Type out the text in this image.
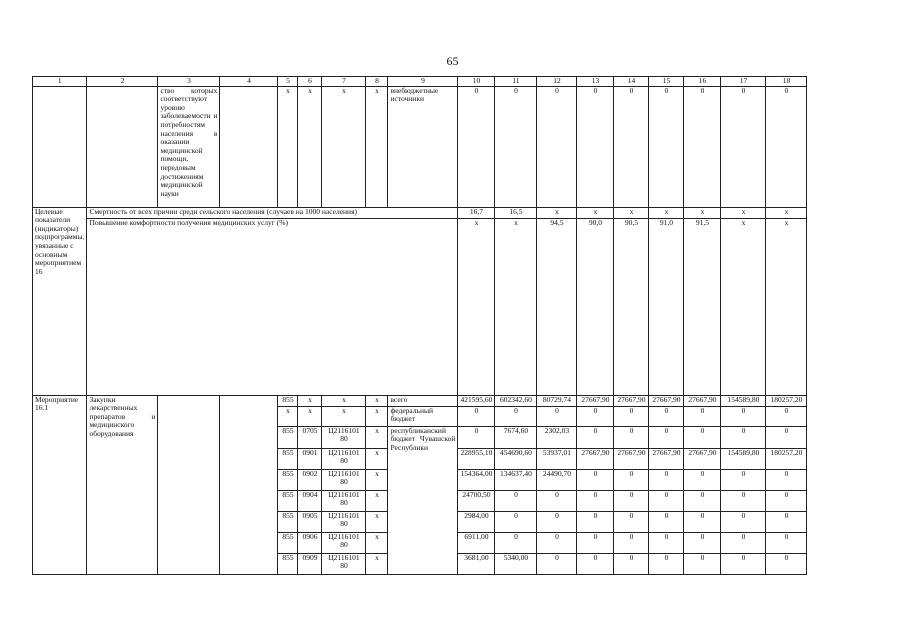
65
1	2	3	4	5	6	7	8	9	10	11	12	13	14	15	16	17	18
		ство которых соответствуют уровню заболеваемости и потребностям населения в оказании медицинской помощи, передовым достижениям медицинской науки		x	x	x	x	внебюджетные источники	0	0	0	0	0	0	0	0	0
Целевые показатели (индикаторы) подпрограммы, увязанные с основным мероприятием 16	Смертность от всех причин среди сельского населения (случаев на 1000 населения)								16,7	16,5	x	x	x	x	x	x	x
	Повышение комфортности получения медицинских услуг (%)								x	x	94,5	90,0	90,5	91,0	91,5	x	x
Мероприятие 16.1	Закупки лекарственных препаратов и медицинского оборудования			855	x	x	x	всего	421595,60	602342,60	80729,74	27667,90	27667,90	27667,90	27667,90	154589,80	180257,20
				x	x	x	x	федеральный бюджет	0	0	0	0	0	0	0	0	0
				855	0705	Ц2116101 80	x	республиканский бюджет Чувашской Республики	0	7674,60	2302,03	0	0	0	0	0	0
				855	0901	Ц2116101 80	x		228955,10	454690,60	53937,01	27667,90	27667,90	27667,90	27667,90	154589,80	180257,20
				855	0902	Ц2116101 80	x		154364,00	134637,40	24490,70	0	0	0	0	0	0
				855	0904	Ц2116101 80	x		24700,50	0	0	0	0	0	0	0	0
				855	0905	Ц2116101 80	x		2984,00	0	0	0	0	0	0	0	0
				855	0906	Ц2116101 80	x		6911,00	0	0	0	0	0	0	0	0
				855	0909	Ц2116101 80	x		3681,00	5340,00	0	0	0	0	0	0	0
